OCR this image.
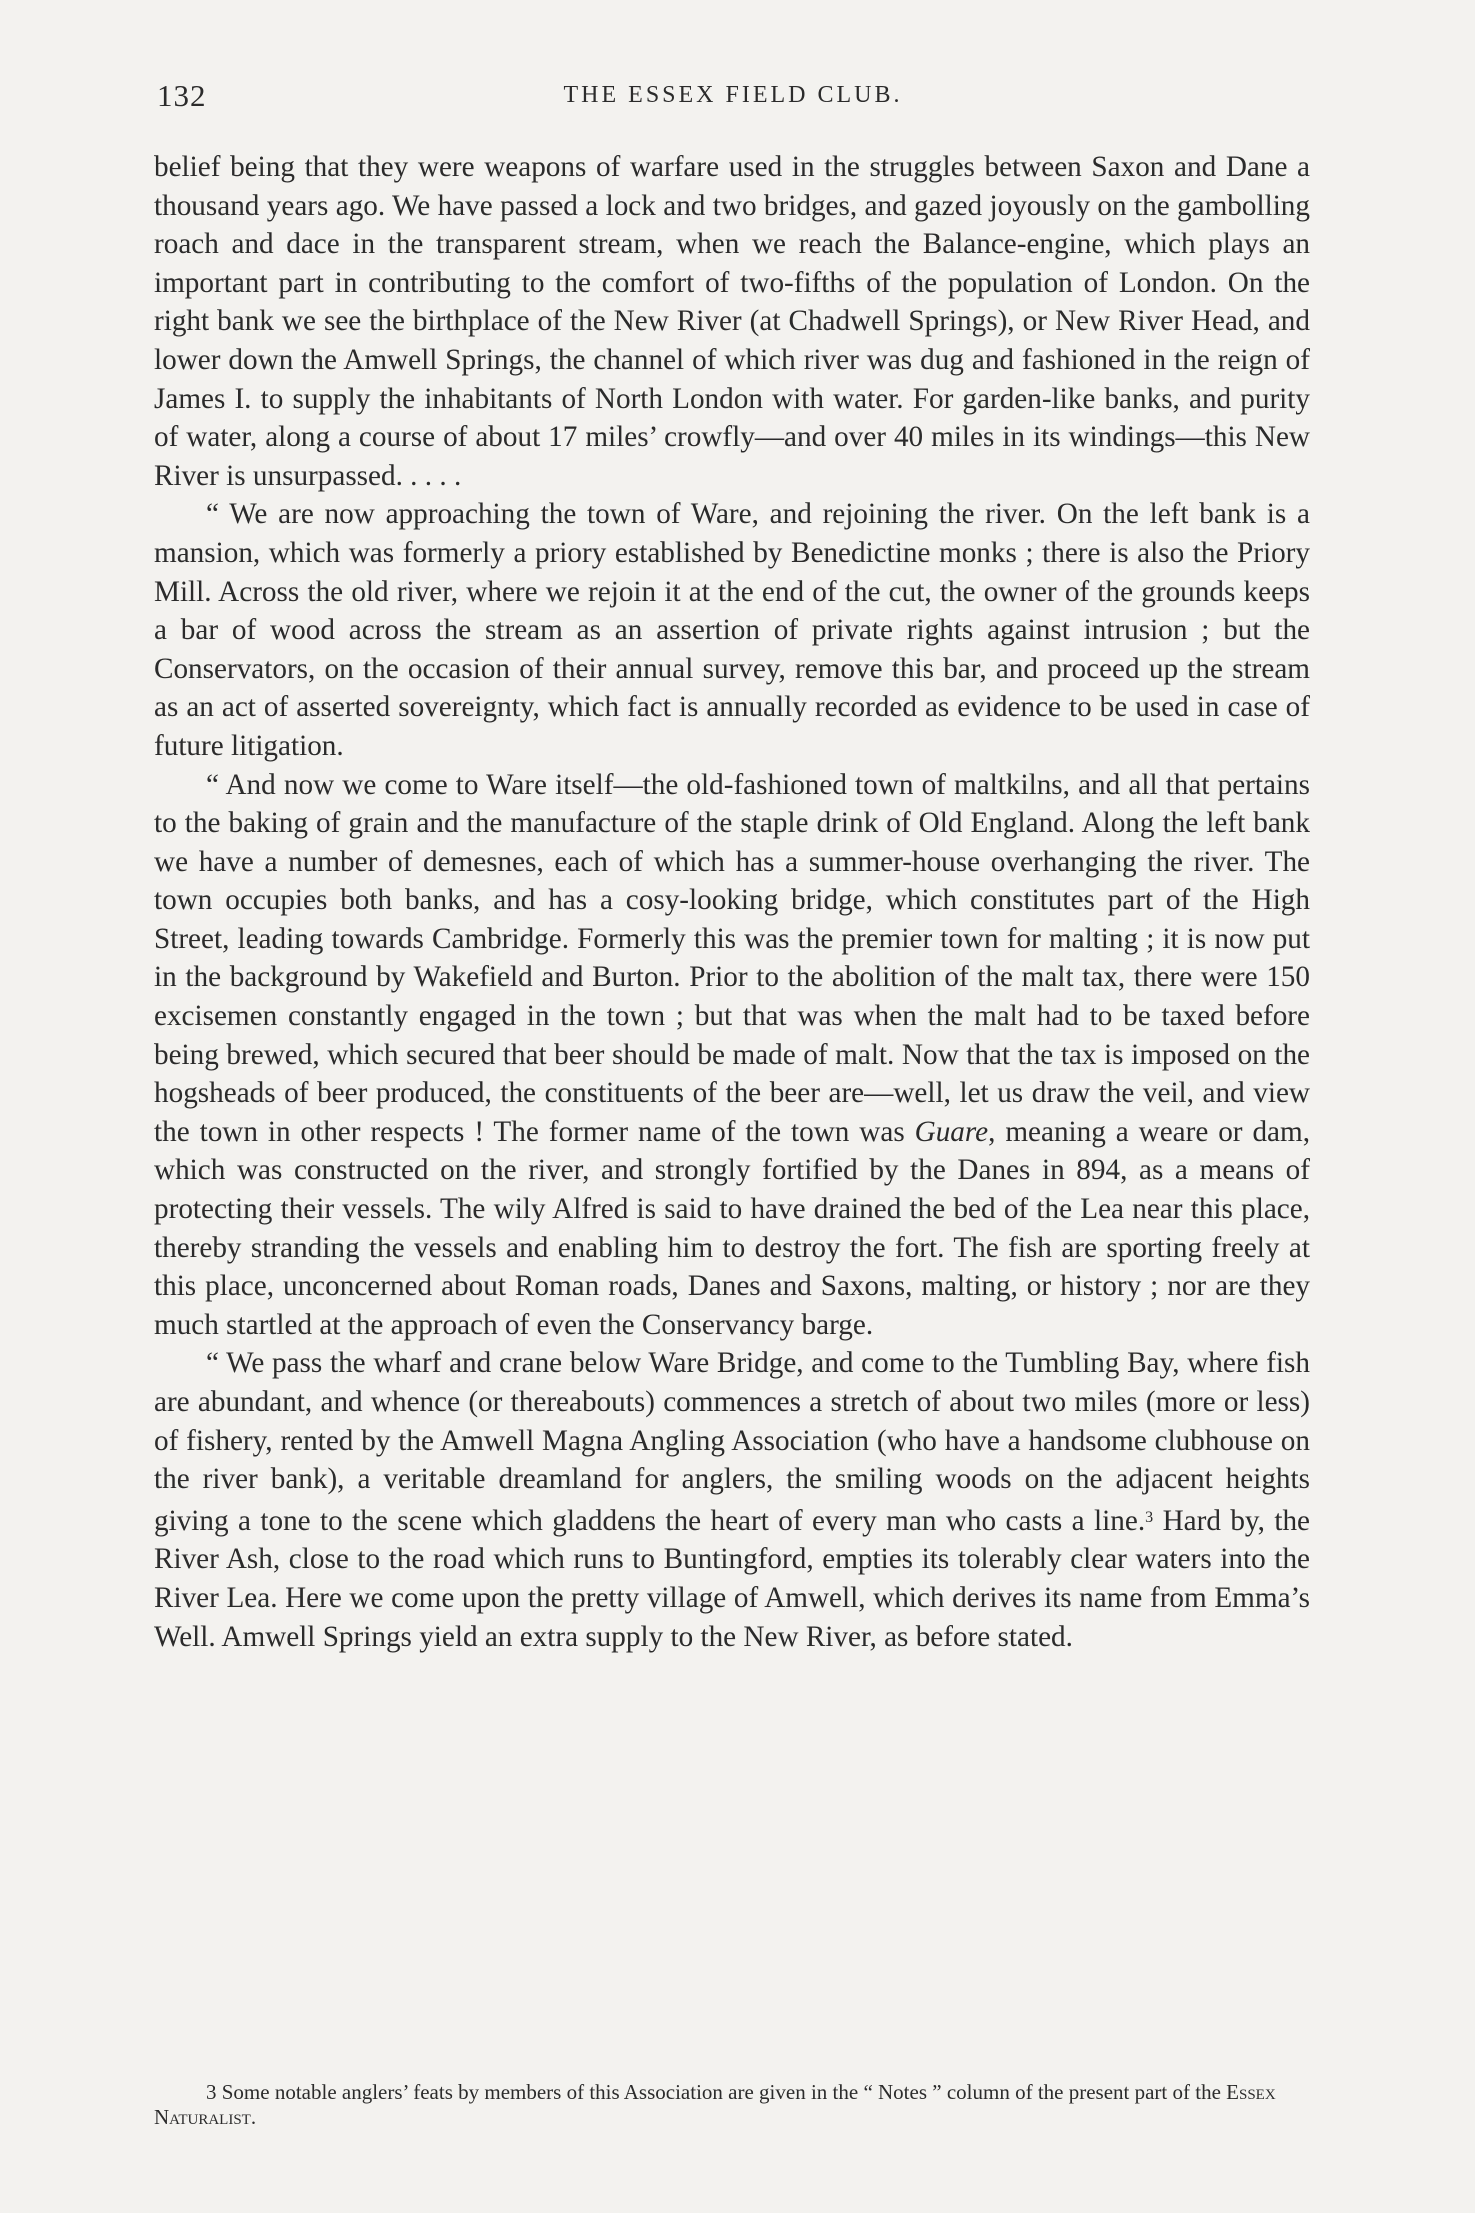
132	THE ESSEX FIELD CLUB.

belief being that they were weapons of warfare used in the struggles between Saxon and Dane a thousand years ago. We have passed a lock and two bridges, and gazed joyously on the gambolling roach and dace in the transparent stream, when we reach the Balance-engine, which plays an important part in contributing to the comfort of two-fifths of the population of London. On the right bank we see the birthplace of the New River (at Chadwell Springs), or New River Head, and lower down the Amwell Springs, the channel of which river was dug and fashioned in the reign of James I. to supply the inhabitants of North London with water. For garden-like banks, and purity of water, along a course of about 17 miles’ crowfly—and over 40 miles in its windings—this New River is unsurpassed. . . . .

“ We are now approaching the town of Ware, and rejoining the river. On the left bank is a mansion, which was formerly a priory established by Benedictine monks ; there is also the Priory Mill. Across the old river, where we rejoin it at the end of the cut, the owner of the grounds keeps a bar of wood across the stream as an assertion of private rights against intrusion ; but the Conservators, on the occasion of their annual survey, remove this bar, and proceed up the stream as an act of asserted sovereignty, which fact is annually recorded as evidence to be used in case of future litigation.

“ And now we come to Ware itself—the old-fashioned town of maltkilns, and all that pertains to the baking of grain and the manufacture of the staple drink of Old England. Along the left bank we have a number of demesnes, each of which has a summer-house overhanging the river. The town occupies both banks, and has a cosy-looking bridge, which constitutes part of the High Street, leading towards Cambridge. Formerly this was the premier town for malting ; it is now put in the background by Wakefield and Burton. Prior to the abolition of the malt tax, there were 150 excisemen constantly engaged in the town ; but that was when the malt had to be taxed before being brewed, which secured that beer should be made of malt. Now that the tax is imposed on the hogsheads of beer produced, the constituents of the beer are—well, let us draw the veil, and view the town in other respects ! The former name of the town was Guare, meaning a weare or dam, which was constructed on the river, and strongly fortified by the Danes in 894, as a means of protecting their vessels. The wily Alfred is said to have drained the bed of the Lea near this place, thereby stranding the vessels and enabling him to destroy the fort. The fish are sporting freely at this place, unconcerned about Roman roads, Danes and Saxons, malting, or history ; nor are they much startled at the approach of even the Conservancy barge.

“ We pass the wharf and crane below Ware Bridge, and come to the Tumbling Bay, where fish are abundant, and whence (or thereabouts) commences a stretch of about two miles (more or less) of fishery, rented by the Amwell Magna Angling Association (who have a handsome clubhouse on the river bank), a veritable dreamland for anglers, the smiling woods on the adjacent heights giving a tone to the scene which gladdens the heart of every man who casts a line.$^3$ Hard by, the River Ash, close to the road which runs to Buntingford, empties its tolerably clear waters into the River Lea. Here we come upon the pretty village of Amwell, which derives its name from Emma’s Well. Amwell Springs yield an extra supply to the New River, as before stated.

3 Some notable anglers’ feats by members of this Association are given in the “ Notes ” column of the present part of the Essex Naturalist.
